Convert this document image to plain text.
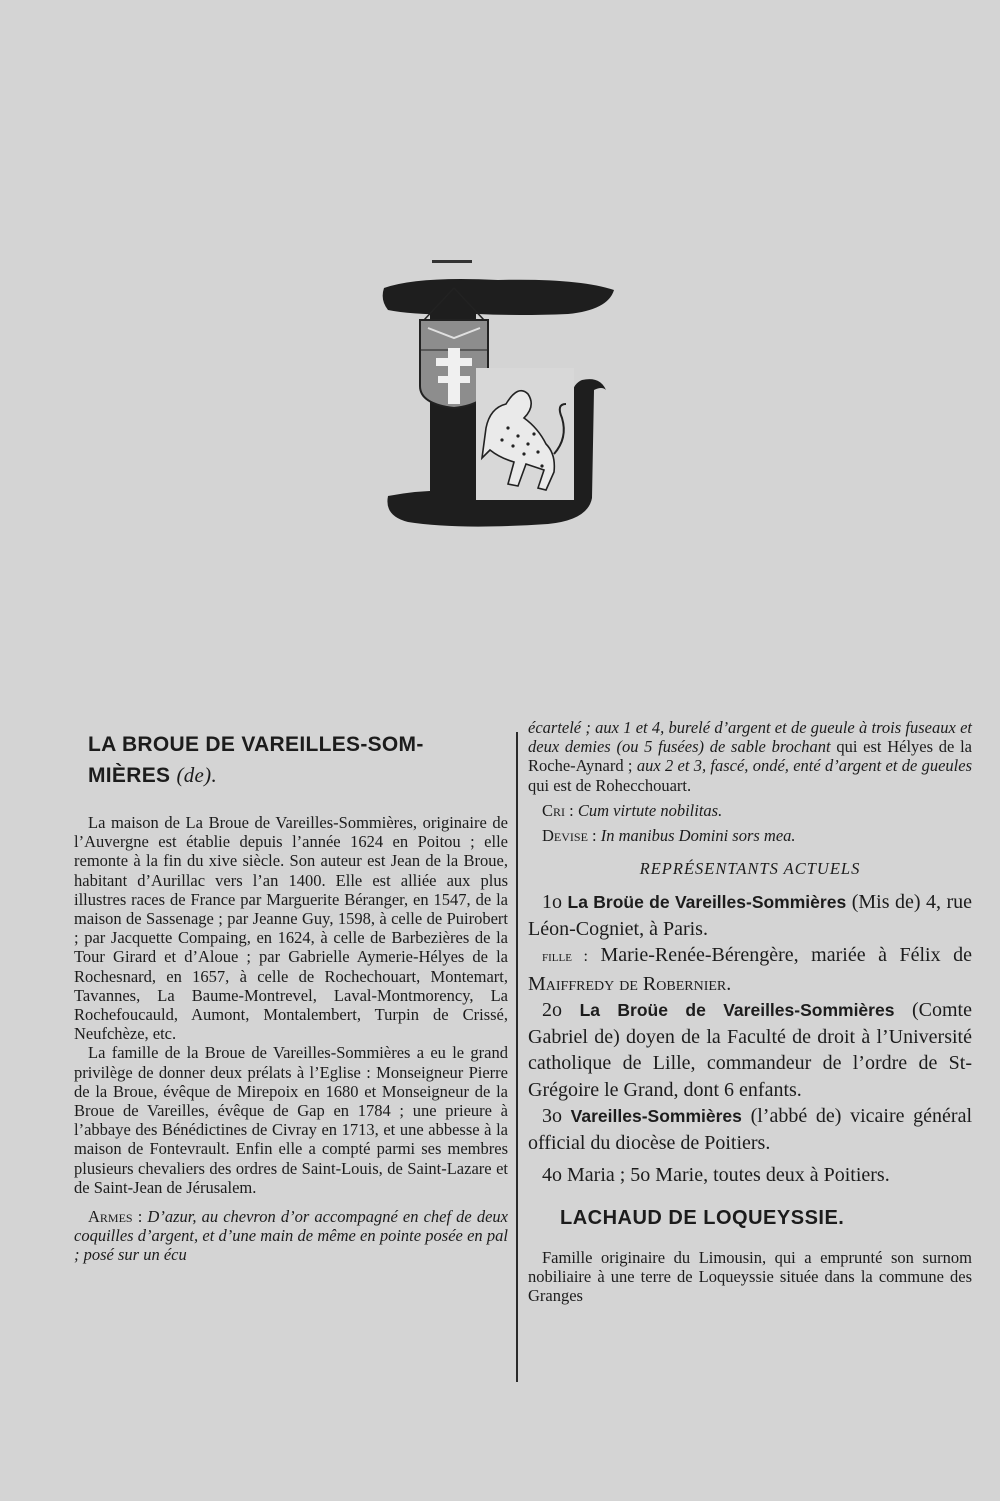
LA BROUE DE VAREILLES-SOM- MIÈRES (de).

La maison de La Broue de Vareilles-Sommières, originaire de l’Auvergne est établie depuis l’année 1624 en Poitou ; elle remonte à la fin du xive siècle. Son auteur est Jean de la Broue, habitant d’Aurillac vers l’an 1400. Elle est alliée aux plus illustres races de France par Marguerite Béranger, en 1547, de la maison de Sassenage ; par Jeanne Guy, 1598, à celle de Puirobert ; par Jacquette Compaing, en 1624, à celle de Barbezières de la Tour Girard et d’Aloue ; par Gabrielle Aymerie-Hélyes de la Rochesnard, en 1657, à celle de Rochechouart, Montemart, Tavannes, La Baume-Montrevel, Laval-Montmorency, La Rochefoucauld, Aumont, Montalembert, Turpin de Crissé, Neufchèze, etc.

La famille de la Broue de Vareilles-Sommières a eu le grand privilège de donner deux prélats à l’Eglise : Monseigneur Pierre de la Broue, évêque de Mirepoix en 1680 et Monseigneur de la Broue de Vareilles, évêque de Gap en 1784 ; une prieure à l’abbaye des Bénédictines de Civray en 1713, et une abbesse à la maison de Fontevrault. Enfin elle a compté parmi ses membres plusieurs chevaliers des ordres de Saint-Louis, de Saint-Lazare et de Saint-Jean de Jérusalem.

Armes : D’azur, au chevron d’or accompagné en chef de deux coquilles d’argent, et d’une main de même en pointe posée en pal ; posé sur un écu

écartelé ; aux 1 et 4, burelé d’argent et de gueule à trois fuseaux et deux demies (ou 5 fusées) de sable brochant qui est Hélyes de la Roche-Aynard ; aux 2 et 3, fascé, ondé, enté d’argent et de gueules qui est de Rohecchouart.

Cri : Cum virtute nobilitas.

Devise : In manibus Domini sors mea.

REPRÉSENTANTS ACTUELS

1o La Broüe de Vareilles-Sommières (Mis de) 4, rue Léon-Cogniet, à Paris.

fille : Marie-Renée-Bérengère, mariée à Félix de Maiffredy de Robernier.

2o La Broüe de Vareilles-Sommières (Comte Gabriel de) doyen de la Faculté de droit à l’Université catholique de Lille, commandeur de l’ordre de St-Grégoire le Grand, dont 6 enfants.

3o Vareilles-Sommières (l’abbé de) vicaire général official du diocèse de Poitiers.

4o Maria ; 5o Marie, toutes deux à Poitiers.

LACHAUD DE LOQUEYSSIE.

Famille originaire du Limousin, qui a emprunté son surnom nobiliaire à une terre de Loqueyssie située dans la commune des Granges
